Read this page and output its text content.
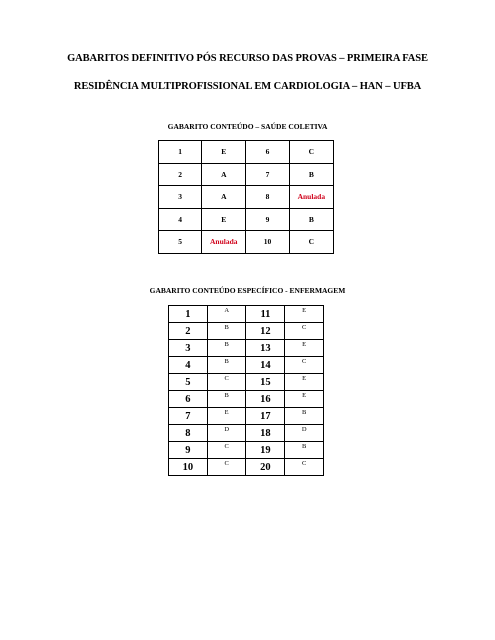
GABARITOS DEFINITIVO PÓS RECURSO DAS PROVAS – PRIMEIRA FASE
RESIDÊNCIA MULTIPROFISSIONAL EM CARDIOLOGIA – HAN – UFBA
GABARITO CONTEÚDO – SAÚDE COLETIVA
1	E	6	C
2	A	7	B
3	A	8	Anulada
4	E	9	B
5	Anulada	10	C
GABARITO CONTEÚDO ESPECÍFICO - ENFERMAGEM
1	A	11	E
2	B	12	C
3	B	13	E
4	B	14	C
5	C	15	E
6	B	16	E
7	E	17	B
8	D	18	D
9	C	19	B
10	C	20	C
